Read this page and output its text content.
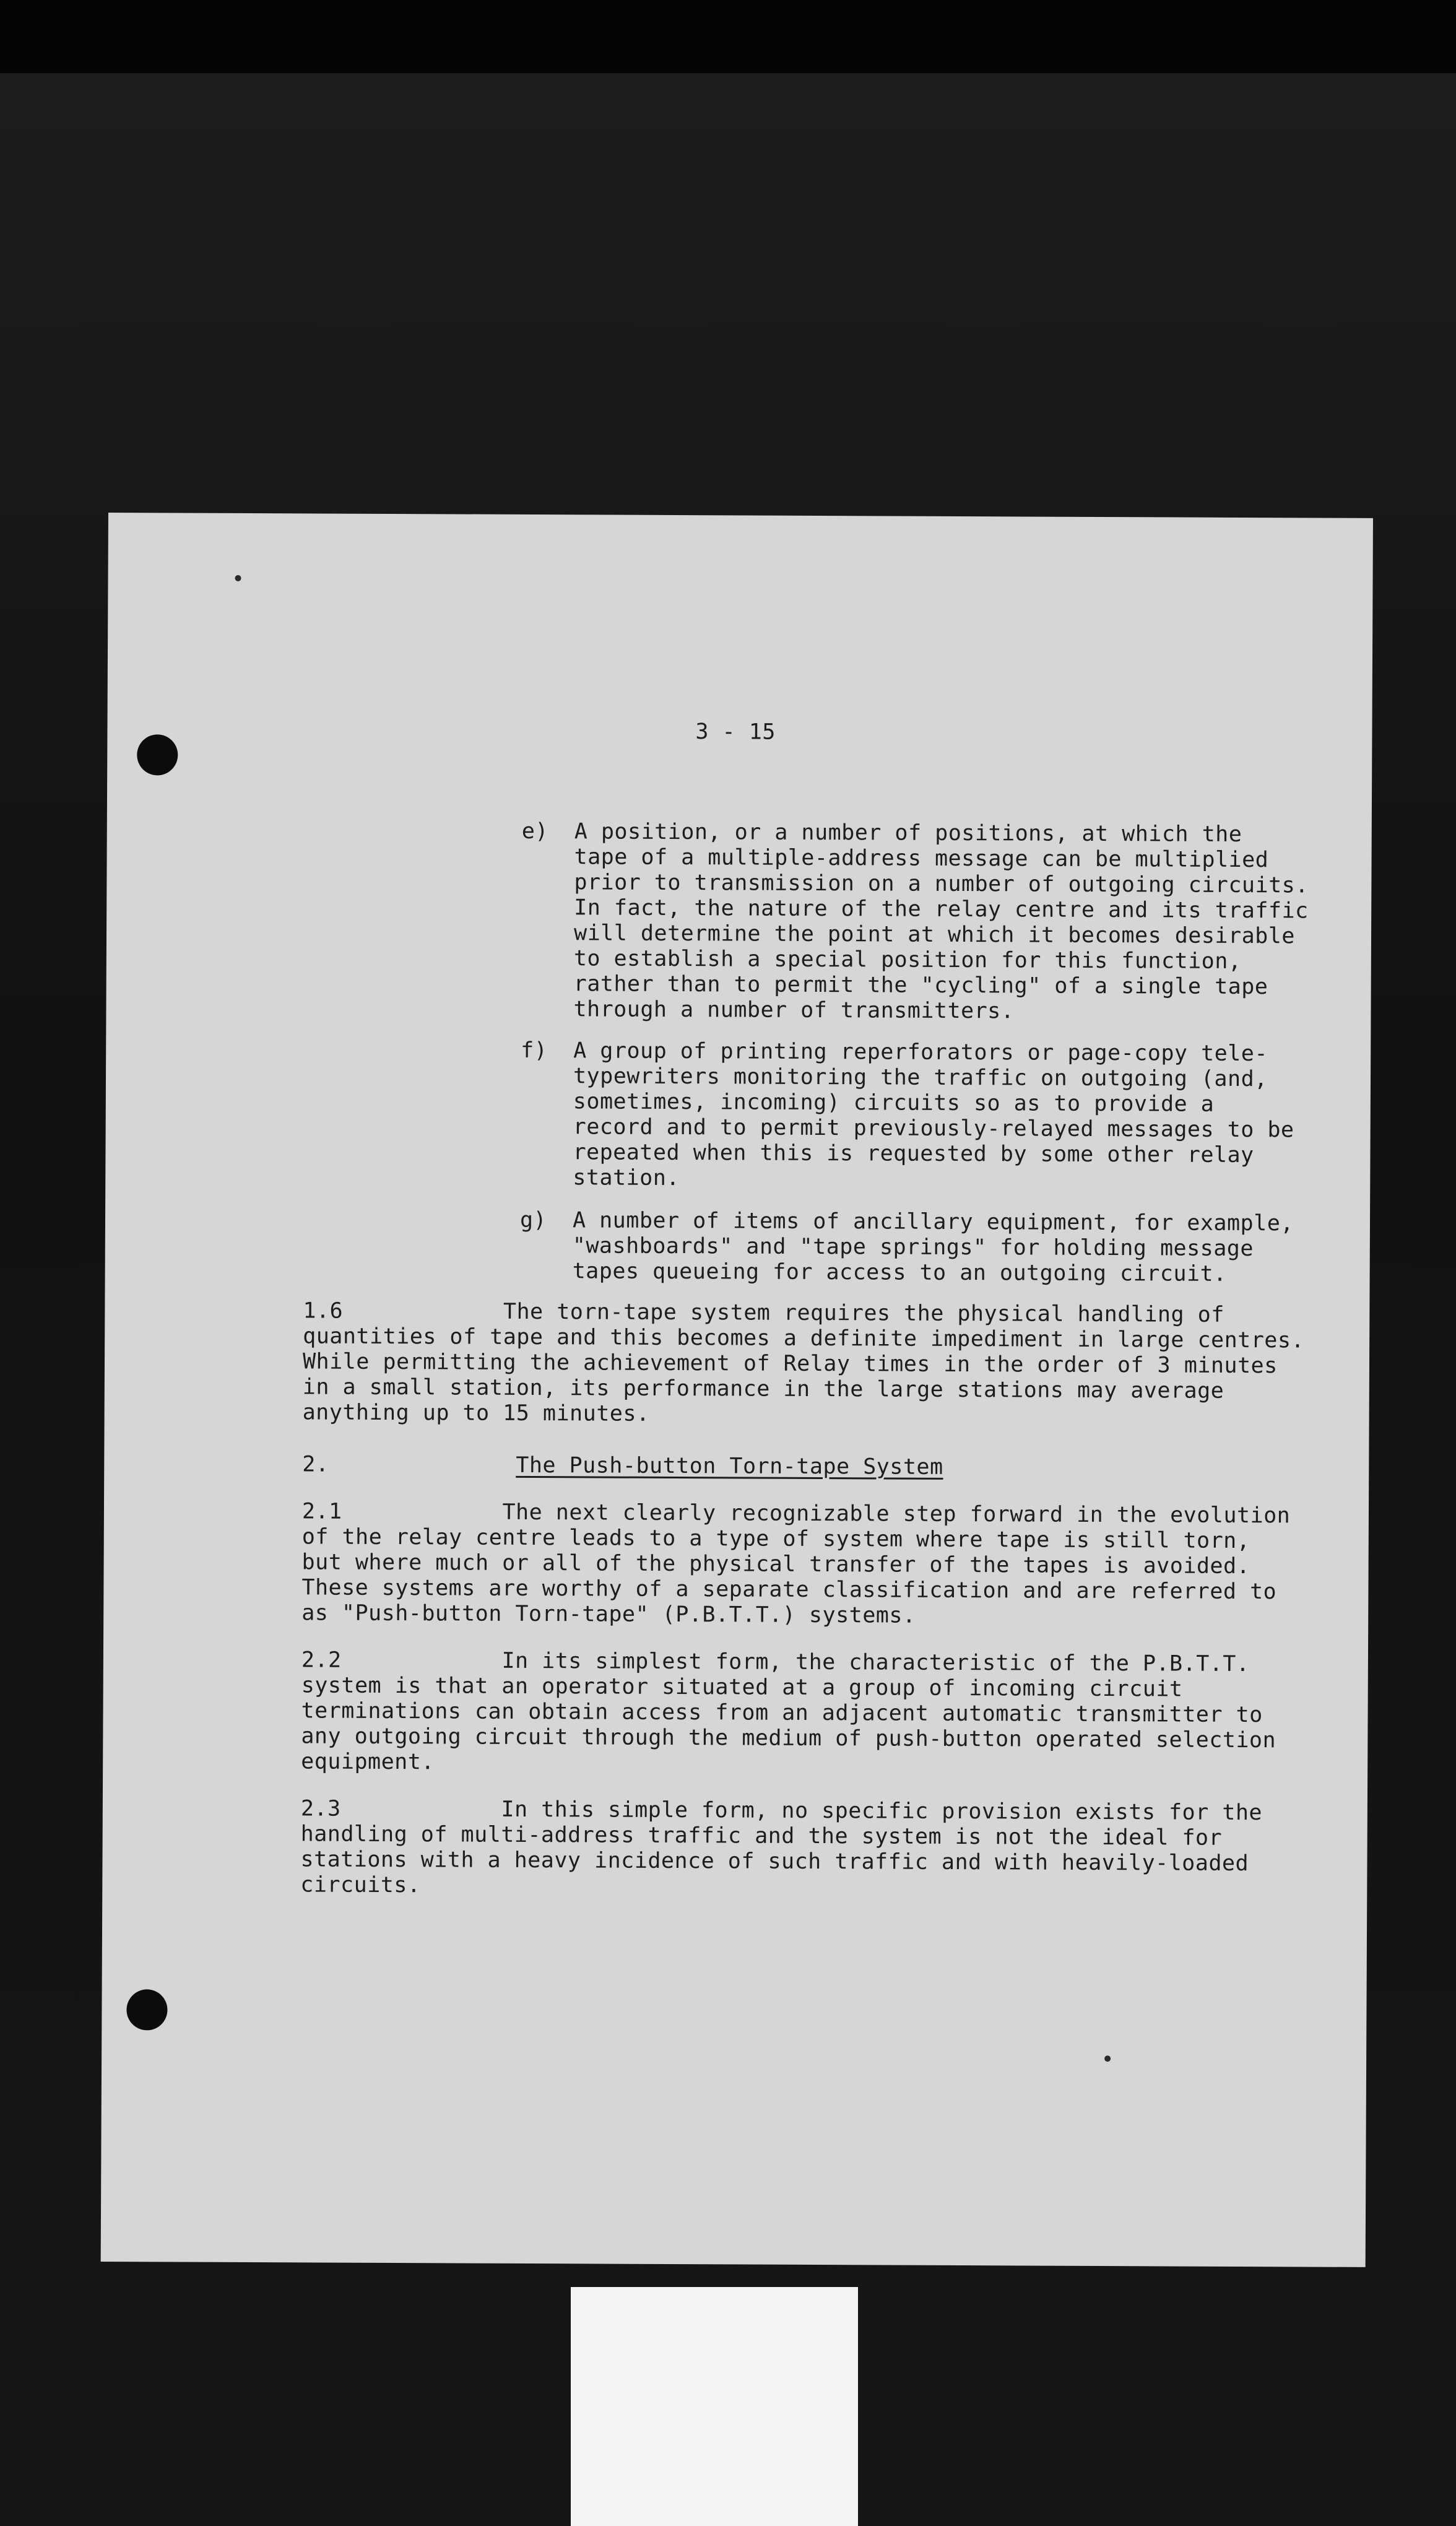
3 - 15
e) A position, or a number of positions, at which the
tape of a multiple-address message can be multiplied
prior to transmission on a number of outgoing circuits.
In fact, the nature of the relay centre and its traffic
will determine the point at which it becomes desirable
to establish a special position for this function,
rather than to permit the "cycling" of a single tape
through a number of transmitters.
f) A group of printing reperforators or page-copy tele-
typewriters monitoring the traffic on outgoing (and,
sometimes, incoming) circuits so as to provide a
record and to permit previously-relayed messages to be
repeated when this is requested by some other relay
station.
g) A number of items of ancillary equipment, for example,
"washboards" and "tape springs" for holding message
tapes queueing for access to an outgoing circuit.
1.6            The torn-tape system requires the physical handling of
quantities of tape and this becomes a definite impediment in large centres.
While permitting the achievement of Relay times in the order of 3 minutes
in a small station, its performance in the large stations may average
anything up to 15 minutes.
2.	The Push-button Torn-tape System
2.1            The next clearly recognizable step forward in the evolution
of the relay centre leads to a type of system where tape is still torn,
but where much or all of the physical transfer of the tapes is avoided.
These systems are worthy of a separate classification and are referred to
as "Push-button Torn-tape" (P.B.T.T.) systems.
2.2            In its simplest form, the characteristic of the P.B.T.T.
system is that an operator situated at a group of incoming circuit
terminations can obtain access from an adjacent automatic transmitter to
any outgoing circuit through the medium of push-button operated selection
equipment.
2.3            In this simple form, no specific provision exists for the
handling of multi-address traffic and the system is not the ideal for
stations with a heavy incidence of such traffic and with heavily-loaded
circuits.
